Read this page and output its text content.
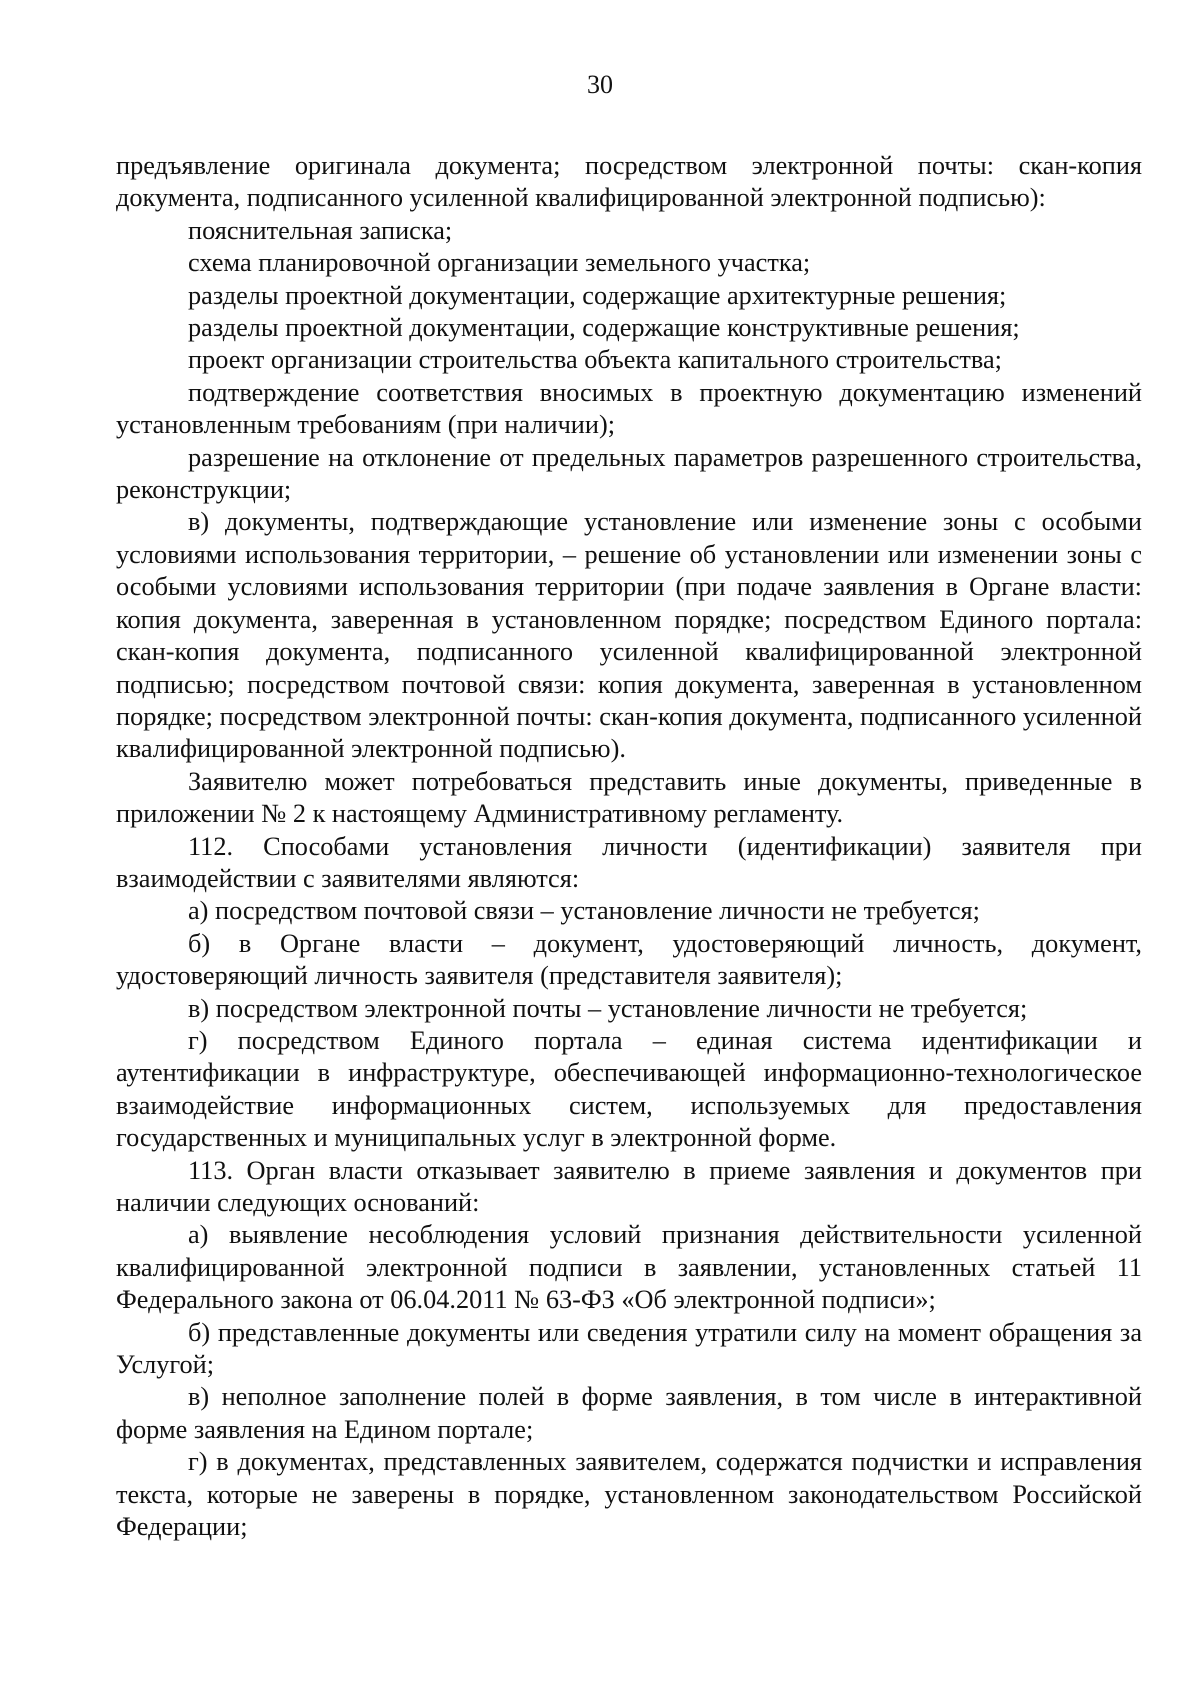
30

предъявление оригинала документа; посредством электронной почты: скан-копия документа, подписанного усиленной квалифицированной электронной подписью):

пояснительная записка;

схема планировочной организации земельного участка;

разделы проектной документации, содержащие архитектурные решения;

разделы проектной документации, содержащие конструктивные решения;

проект организации строительства объекта капитального строительства;

подтверждение соответствия вносимых в проектную документацию изменений установленным требованиям (при наличии);

разрешение на отклонение от предельных параметров разрешенного строительства, реконструкции;

в) документы, подтверждающие установление или изменение зоны с особыми условиями использования территории, – решение об установлении или изменении зоны с особыми условиями использования территории (при подаче заявления в Органе власти: копия документа, заверенная в установленном порядке; посредством Единого портала: скан-копия документа, подписанного усиленной квалифицированной электронной подписью; посредством почтовой связи: копия документа, заверенная в установленном порядке; посредством электронной почты: скан-копия документа, подписанного усиленной квалифицированной электронной подписью).

Заявителю может потребоваться представить иные документы, приведенные в приложении № 2 к настоящему Административному регламенту.

112. Способами установления личности (идентификации) заявителя при взаимодействии с заявителями являются:

а) посредством почтовой связи – установление личности не требуется;

б) в Органе власти – документ, удостоверяющий личность, документ, удостоверяющий личность заявителя (представителя заявителя);

в) посредством электронной почты – установление личности не требуется;

г) посредством Единого портала – единая система идентификации и аутентификации в инфраструктуре, обеспечивающей информационно-технологическое взаимодействие информационных систем, используемых для предоставления государственных и муниципальных услуг в электронной форме.

113. Орган власти отказывает заявителю в приеме заявления и документов при наличии следующих оснований:

а) выявление несоблюдения условий признания действительности усиленной квалифицированной электронной подписи в заявлении, установленных статьей 11 Федерального закона от 06.04.2011 № 63-ФЗ «Об электронной подписи»;

б) представленные документы или сведения утратили силу на момент обращения за Услугой;

в) неполное заполнение полей в форме заявления, в том числе в интерактивной форме заявления на Едином портале;

г) в документах, представленных заявителем, содержатся подчистки и исправления текста, которые не заверены в порядке, установленном законодательством Российской Федерации;
